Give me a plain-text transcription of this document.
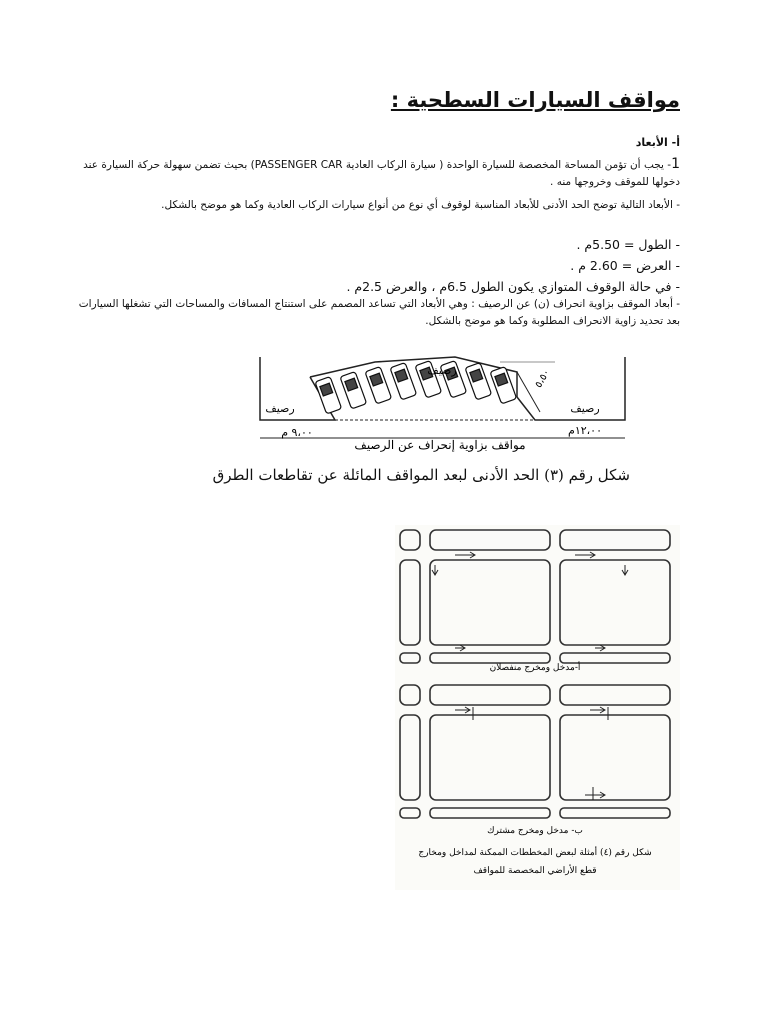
مواقف السيارات السطحية :
أ- الأبعاد
1- يجب أن تؤمن المساحة المخصصة للسيارة الواحدة ( سيارة الركاب العادية PASSENGER CAR) بحيث تضمن سهولة حركة السيارة عند دخولها للموقف وخروجها منه .
- الأبعاد التالية توضح الحد الأدنى للأبعاد المناسبة لوقوف أي نوع من أنواع سيارات الركاب العادية وكما هو موضح بالشكل.
- الطول = 5.50م .
- العرض = 2.60 م .
- في حالة الوقوف المتوازي يكون الطول 6.5م ، والعرض 2.5م .
- أبعاد الموقف بزاوية انحراف (ن) عن الرصيف : وهي الأبعاد التي تساعد المصمم على استنتاج المسافات والمساحات التي تشغلها السيارات بعد تحديد زاوية الانحراف المطلوبة وكما هو موضح بالشكل.
رصيف
رصيف	رصيف
٥،٥٠
٩،٠٠ م	١٢،٠٠م
مواقف بزاوية إنحراف عن الرصيف
شكل رقم (٣) الحد الأدنى لبعد المواقف المائلة عن تقاطعات الطرق
أ-مدخل ومخرج منفصلان
ب- مدخل ومخرج مشترك
شكل رقم (٤) أمثلة لبعض المخططات الممكنة لمداخل ومخارج
قطع الأراضي المخصصة للمواقف
